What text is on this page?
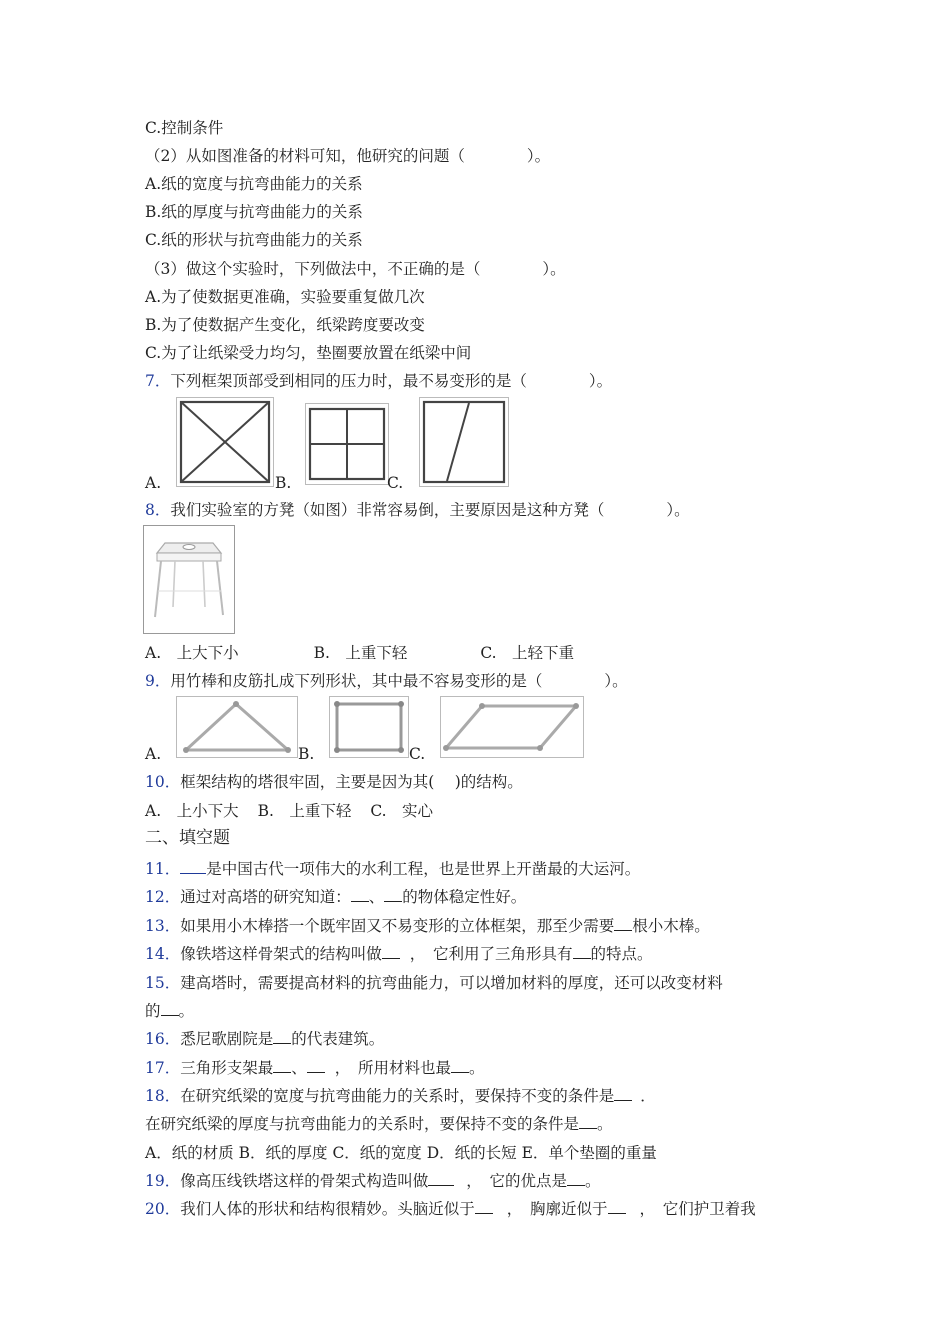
C.控制条件
（2）从如图准备的材料可知，他研究的问题（　　　　）。
A.纸的宽度与抗弯曲能力的关系
B.纸的厚度与抗弯曲能力的关系
C.纸的形状与抗弯曲能力的关系
（3）做这个实验时，下列做法中，不正确的是（　　　　）。
A.为了使数据更准确，实验要重复做几次
B.为了使数据产生变化，纸梁跨度要改变
C.为了让纸梁受力均匀，垫圈要放置在纸梁中间
7．下列框架顶部受到相同的压力时，最不易变形的是（　　　　）。
A.	B.	C.
8．我们实验室的方凳（如图）非常容易倒，主要原因是这种方凳（　　　　）。
A.　上大下小	B.　上重下轻	C.　上轻下重
9．用竹棒和皮筋扎成下列形状，其中最不容易变形的是（　　　　）。
A.	B.	C.
10．框架结构的塔很牢固，主要是因为其(　 )的结构。
A.　上小下大 B.　上重下轻 C.　实心
二、填空题
11． 是中国古代一项伟大的水利工程，也是世界上开凿最的大运河。
12．通过对高塔的研究知道： 、 的物体稳定性好。
13．如果用小木棒搭一个既牢固又不易变形的立体框架，那至少需要 根小木棒。
14．像铁塔这样骨架式的结构叫做 ，　它利用了三角形具有 的特点。
15．建高塔时，需要提高材料的抗弯曲能力，可以增加材料的厚度，还可以改变材料
的 。
16．悉尼歌剧院是 的代表建筑。
17．三角形支架最 、 ，　所用材料也最 。
18．在研究纸梁的宽度与抗弯曲能力的关系时，要保持不变的条件是 ．
在研究纸梁的厚度与抗弯曲能力的关系时，要保持不变的条件是 。
A．纸的材质 B．纸的厚度 C．纸的宽度 D．纸的长短 E．单个垫圈的重量
19．像高压线铁塔这样的骨架式构造叫做 ，　它的优点是 。
20．我们人体的形状和结构很精妙。头脑近似于 ，　胸廓近似于 ，　它们护卫着我
